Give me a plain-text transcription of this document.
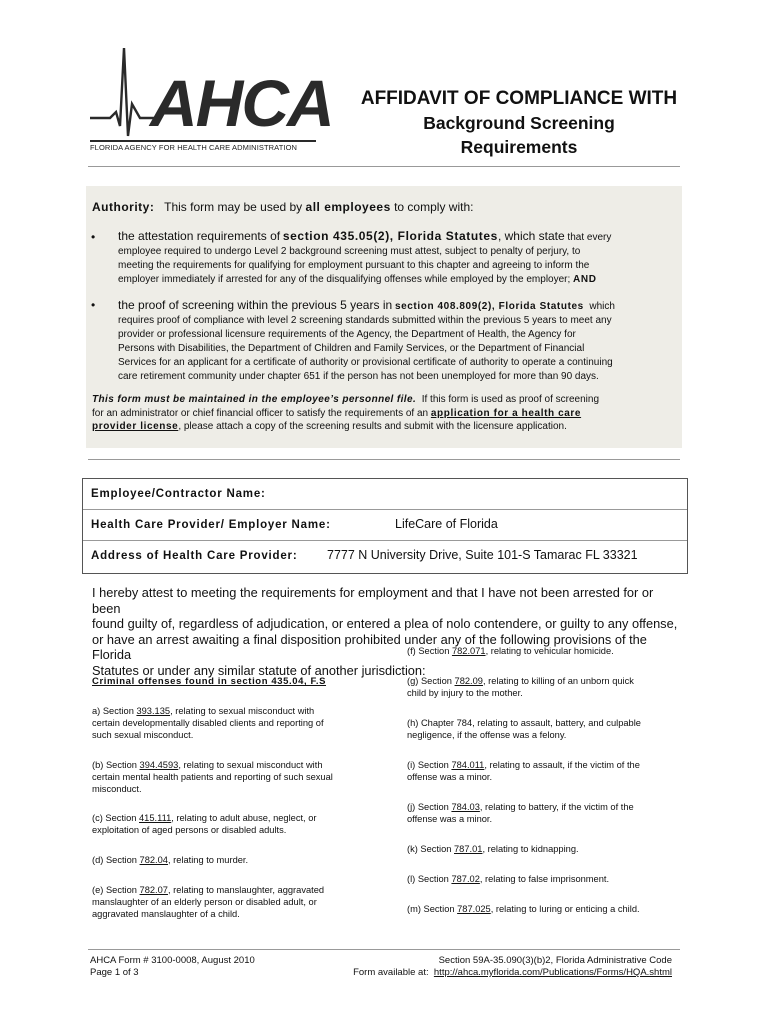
AHCA
FLORIDA AGENCY FOR HEALTH CARE ADMINISTRATION
AFFIDAVIT OF COMPLIANCE WITH
Background Screening
Requirements
Authority: This form may be used by all employees to comply with:
• the attestation requirements of section 435.05(2), Florida Statutes, which state that every
employee required to undergo Level 2 background screening must attest, subject to penalty of perjury, to
meeting the requirements for qualifying for employment pursuant to this chapter and agreeing to inform the
employer immediately if arrested for any of the disqualifying offenses while employed by the employer; AND
• the proof of screening within the previous 5 years in section 408.809(2), Florida Statutes which
requires proof of compliance with level 2 screening standards submitted within the previous 5 years to meet any
provider or professional licensure requirements of the Agency, the Department of Health, the Agency for
Persons with Disabilities, the Department of Children and Family Services, or the Department of Financial
Services for an applicant for a certificate of authority or provisional certificate of authority to operate a continuing
care retirement community under chapter 651 if the person has not been unemployed for more than 90 days.
This form must be maintained in the employee’s personnel file. If this form is used as proof of screening
for an administrator or chief financial officer to satisfy the requirements of an application for a health care
provider license, please attach a copy of the screening results and submit with the licensure application.
Employee/Contractor Name:
Health Care Provider/ Employer Name:	LifeCare of Florida
Address of Health Care Provider: 7777 N University Drive, Suite 101-S Tamarac FL 33321
I hereby attest to meeting the requirements for employment and that I have not been arrested for or been
found guilty of, regardless of adjudication, or entered a plea of nolo contendere, or guilty to any offense,
or have an arrest awaiting a final disposition prohibited under any of the following provisions of the Florida
Statutes or under any similar statute of another jurisdiction:
Criminal offenses found in section 435.04, F.S
a) Section 393.135, relating to sexual misconduct with
certain developmentally disabled clients and reporting of
such sexual misconduct.
(b) Section 394.4593, relating to sexual misconduct with
certain mental health patients and reporting of such sexual
misconduct.
(c) Section 415.111, relating to adult abuse, neglect, or
exploitation of aged persons or disabled adults.
(d) Section 782.04, relating to murder.
(e) Section 782.07, relating to manslaughter, aggravated
manslaughter of an elderly person or disabled adult, or
aggravated manslaughter of a child.
(f) Section 782.071, relating to vehicular homicide.
(g) Section 782.09, relating to killing of an unborn quick
child by injury to the mother.
(h) Chapter 784, relating to assault, battery, and culpable
negligence, if the offense was a felony.
(i) Section 784.011, relating to assault, if the victim of the
offense was a minor.
(j) Section 784.03, relating to battery, if the victim of the
offense was a minor.
(k) Section 787.01, relating to kidnapping.
(l) Section 787.02, relating to false imprisonment.
(m) Section 787.025, relating to luring or enticing a child.
AHCA Form # 3100-0008, August 2010
Page 1 of 3
Section 59A-35.090(3)(b)2, Florida Administrative Code
Form available at: http://ahca.myflorida.com/Publications/Forms/HQA.shtml
